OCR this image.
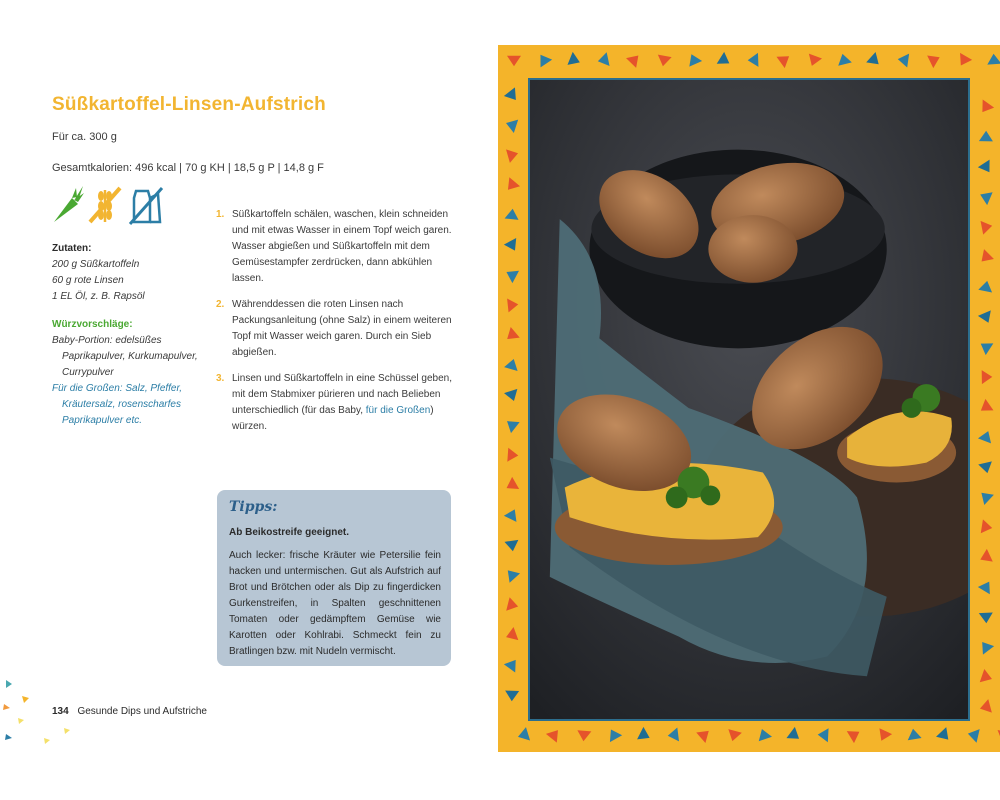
Süßkartoffel-Linsen-Aufstrich
Für ca. 300 g
Gesamtkalorien: 496 kcal | 70 g KH | 18,5 g P | 14,8 g F
Zutaten:
200 g Süßkartoffeln
60 g rote Linsen
1 EL Öl, z. B. Rapsöl
Würzvorschläge:
Baby-Portion: edelsüßes Paprikapulver, Kurkumapulver, Currypulver
Für die Großen: Salz, Pfeffer, Kräutersalz, rosenscharfes Paprikapulver etc.
1. Süßkartoffeln schälen, waschen, klein schneiden und mit etwas Wasser in einem Topf weich garen. Wasser abgießen und Süßkartoffeln mit dem Gemüsestampfer zerdrücken, dann abkühlen lassen.
2. Währenddessen die roten Linsen nach Packungsanleitung (ohne Salz) in einem weiteren Topf mit Wasser weich garen. Durch ein Sieb abgießen.
3. Linsen und Süßkartoffeln in eine Schüssel geben, mit dem Stabmixer pürieren und nach Belieben unterschiedlich (für das Baby, für die Großen) würzen.
Tipps:
Ab Beikostreife geeignet.
Auch lecker: frische Kräuter wie Petersilie fein hacken und untermischen. Gut als Aufstrich auf Brot und Brötchen oder als Dip zu fingerdicken Gurkenstreifen, in Spalten geschnittenen Tomaten oder gedämpftem Gemüse wie Karotten oder Kohlrabi. Schmeckt fein zu Bratlingen bzw. mit Nudeln vermischt.
134 Gesunde Dips und Aufstriche
